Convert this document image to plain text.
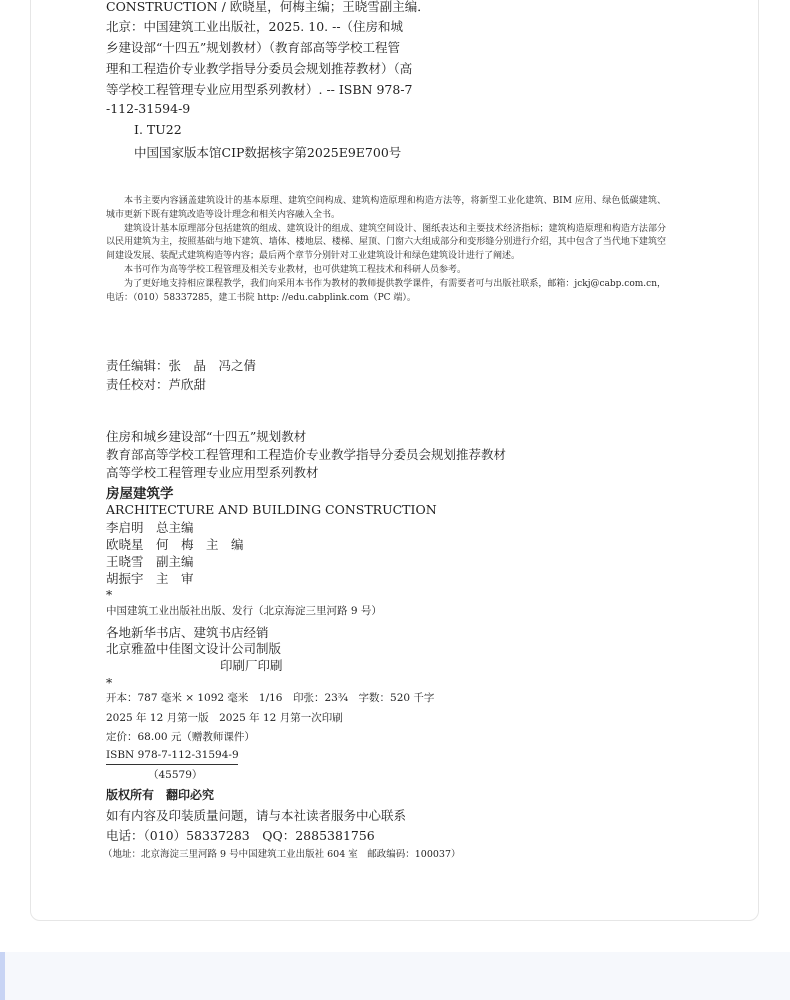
CONSTRUCTION / 欧晓星，何梅主编；王晓雪副主编．
北京：中国建筑工业出版社，2025. 10. --（住房和城
乡建设部“十四五”规划教材）（教育部高等学校工程管
理和工程造价专业教学指导分委员会规划推荐教材）（高
等学校工程管理专业应用型系列教材）. -- ISBN 978-7
-112-31594-9
Ⅰ. TU22
中国国家版本馆CIP数据核字第2025E9E700号

本书主要内容涵盖建筑设计的基本原理、建筑空间构成、建筑构造原理和构造方法等，将新型工业化建筑、BIM 应用、绿色低碳建筑、城市更新下既有建筑改造等设计理念和相关内容融入全书。

建筑设计基本原理部分包括建筑的组成、建筑设计的组成、建筑空间设计、图纸表达和主要技术经济指标；建筑构造原理和构造方法部分以民用建筑为主，按照基础与地下建筑、墙体、楼地层、楼梯、屋顶、门窗六大组成部分和变形缝分别进行介绍，其中包含了当代地下建筑空间建设发展、装配式建筑构造等内容；最后两个章节分别针对工业建筑设计和绿色建筑设计进行了阐述。

本书可作为高等学校工程管理及相关专业教材，也可供建筑工程技术和科研人员参考。

为了更好地支持相应课程教学，我们向采用本书作为教材的教师提供教学课件，有需要者可与出版社联系，邮箱：jckj@cabp.com.cn，电话：（010）58337285，建工书院 http: //edu.cabplink.com（PC 端）。

责任编辑：张　晶　冯之倩
责任校对：芦欣甜
住房和城乡建设部“十四五”规划教材
教育部高等学校工程管理和工程造价专业教学指导分委员会规划推荐教材
高等学校工程管理专业应用型系列教材
房屋建筑学
ARCHITECTURE AND BUILDING CONSTRUCTION
李启明　总主编
欧晓星　何　梅　主　编
王晓雪　副主编
胡振宇　主　审
*
中国建筑工业出版社出版、发行（北京海淀三里河路 9 号）
各地新华书店、建筑书店经销
北京雅盈中佳图文设计公司制版
印刷厂印刷
*
开本：787 毫米 × 1092 毫米　1/16　印张：23¾　字数：520 千字
2025 年 12 月第一版　2025 年 12 月第一次印刷
定价：68.00 元（赠教师课件）
ISBN 978-7-112-31594-9
（45579）
版权所有　翻印必究
如有内容及印装质量问题，请与本社读者服务中心联系
电话：（010）58337283　QQ：2885381756
（地址：北京海淀三里河路 9 号中国建筑工业出版社 604 室　邮政编码：100037）
